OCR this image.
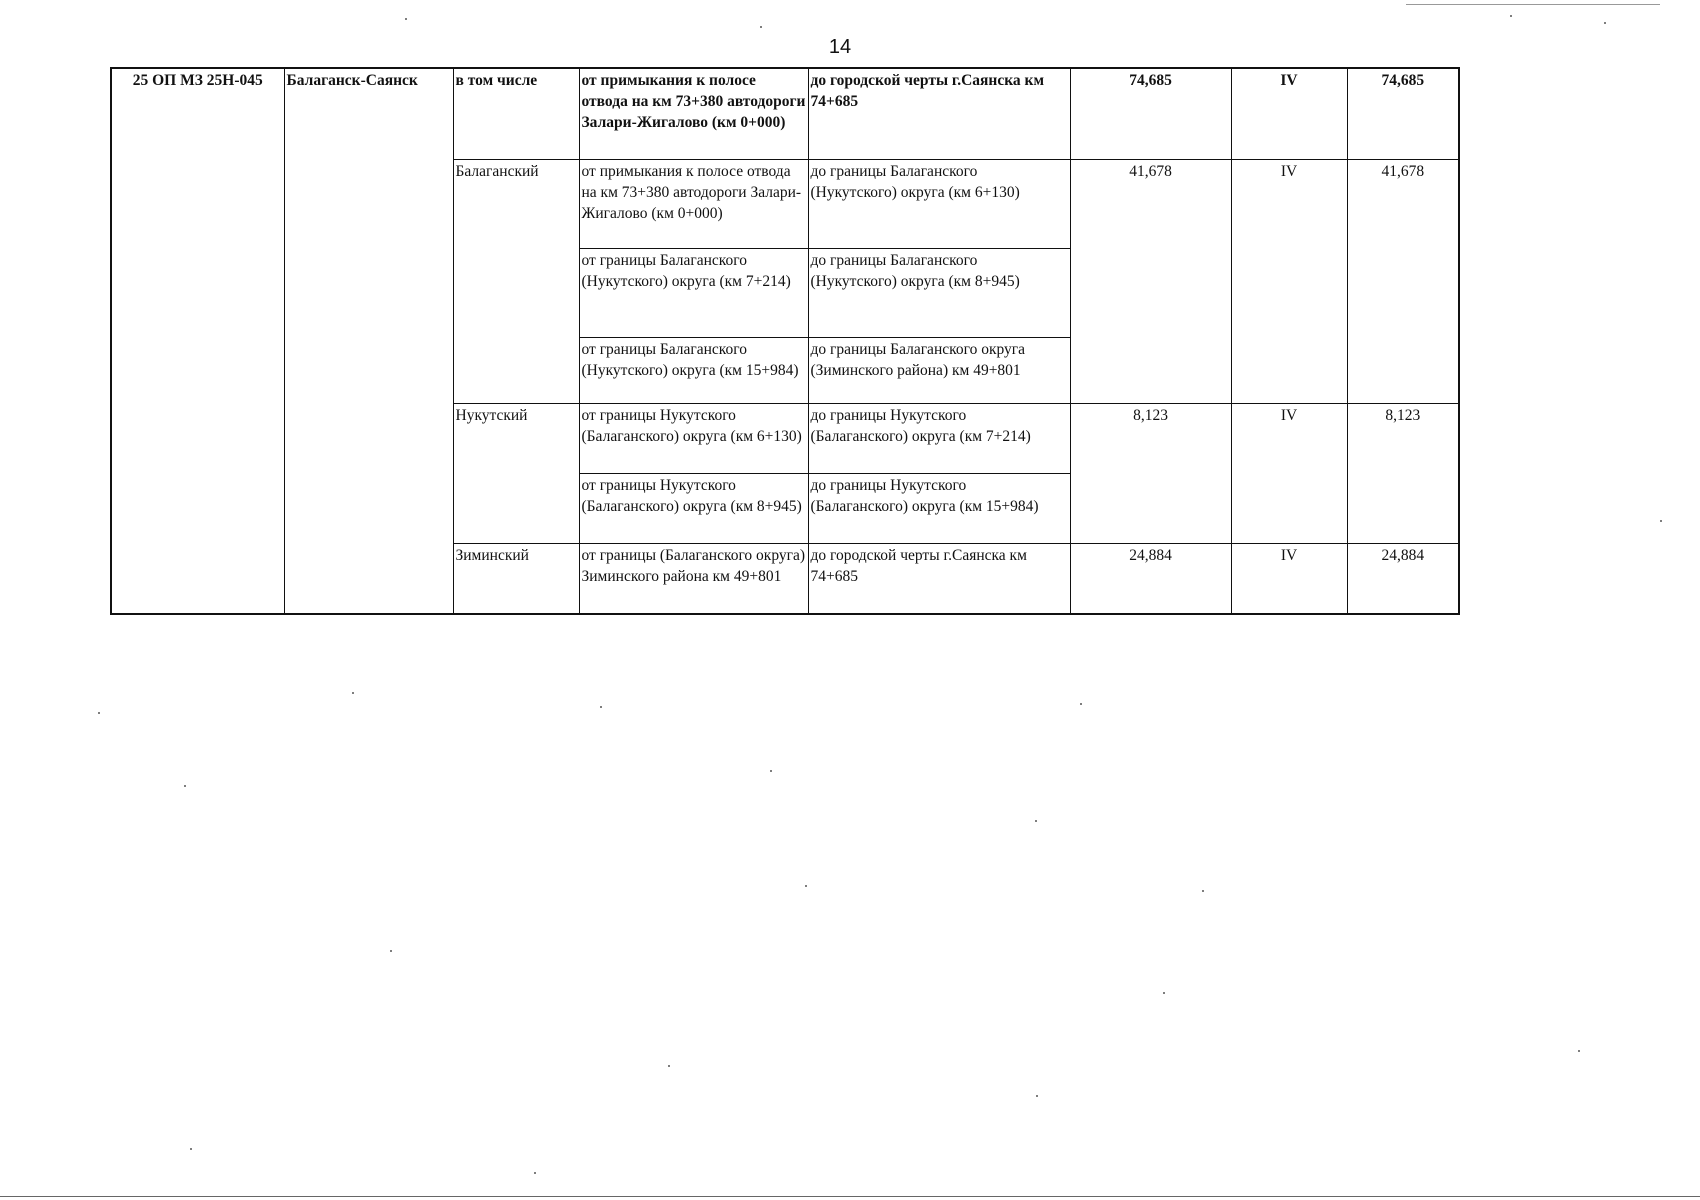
14
25 ОП МЗ 25Н-045	Балаганск-Саянск	в том числе	от примыкания к полосе отвода на км 73+380 автодороги Залари-Жигалово (км 0+000)	до городской черты г.Саянска км 74+685	74,685	IV	74,685
		Балаганский	от примыкания к полосе отвода на км 73+380 автодороги Залари-Жигалово (км 0+000)	до границы Балаганского (Нукутского) округа (км 6+130)	41,678	IV	41,678
			от границы Балаганского (Нукутского) округа (км 7+214)	до границы Балаганского (Нукутского) округа (км 8+945)			
			от границы Балаганского (Нукутского) округа (км 15+984)	до границы Балаганского округа (Зиминского района) км 49+801			
		Нукутский	от границы Нукутского (Балаганского) округа (км 6+130)	до границы Нукутского (Балаганского) округа (км 7+214)	8,123	IV	8,123
			от границы Нукутского (Балаганского) округа (км 8+945)	до границы Нукутского (Балаганского) округа (км 15+984)			
		Зиминский	от границы (Балаганского округа) Зиминского района км 49+801	до городской черты г.Саянска км 74+685	24,884	IV	24,884
